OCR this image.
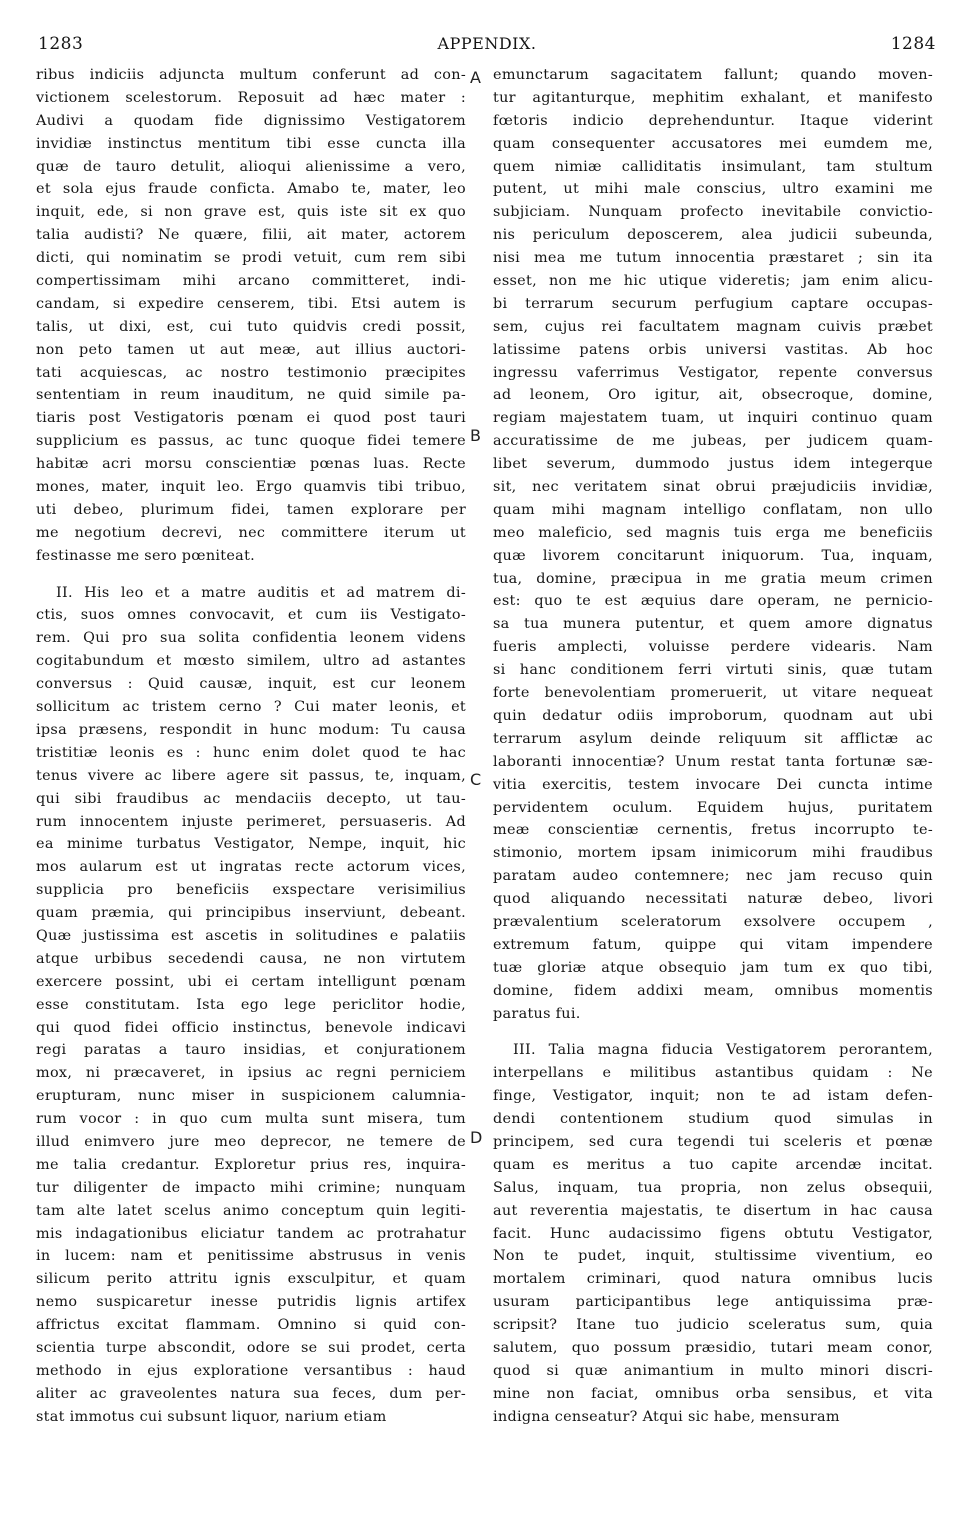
1283	APPENDIX.	1284
A
B
C
D
ribus indiciis adjuncta multum conferunt ad con-
victionem scelestorum. Reposuit ad hæc mater :
Audivi a quodam fide dignissimo Vestigatorem
invidiæ instinctus mentitum tibi esse cuncta illa
quæ de tauro detulit, alioqui alienissime a vero,
et sola ejus fraude conficta. Amabo te, mater, leo
inquit, ede, si non grave est, quis iste sit ex quo
talia audisti? Ne quære, filii, ait mater, actorem
dicti, qui nominatim se prodi vetuit, cum rem sibi
compertissimam mihi arcano committeret, indi-
candam, si expedire censerem, tibi. Etsi autem is
talis, ut dixi, est, cui tuto quidvis credi possit,
non peto tamen ut aut meæ, aut illius auctori-
tati acquiescas, ac nostro testimonio præcipites
sententiam in reum inauditum, ne quid simile pa-
tiaris post Vestigatoris pœnam ei quod post tauri
supplicium es passus, ac tunc quoque fidei temere
habitæ acri morsu conscientiæ pœnas luas. Recte
mones, mater, inquit leo. Ergo quamvis tibi tribuo,
uti debeo, plurimum fidei, tamen explorare per
me negotium decrevi, nec committere iterum ut
festinasse me sero pœniteat.
II. His leo et a matre auditis et ad matrem di-
ctis, suos omnes convocavit, et cum iis Vestigato-
rem. Qui pro sua solita confidentia leonem videns
cogitabundum et mœsto similem, ultro ad astantes
conversus : Quid causæ, inquit, est cur leonem
sollicitum ac tristem cerno ? Cui mater leonis, et
ipsa præsens, respondit in hunc modum: Tu causa
tristitiæ leonis es : hunc enim dolet quod te hac
tenus vivere ac libere agere sit passus, te, inquam,
qui sibi fraudibus ac mendaciis decepto, ut tau-
rum innocentem injuste perimeret, persuaseris. Ad
ea minime turbatus Vestigator, Nempe, inquit, hic
mos aularum est ut ingratas recte actorum vices,
supplicia pro beneficiis exspectare verisimilius
quam præmia, qui principibus inserviunt, debeant.
Quæ justissima est ascetis in solitudines e palatiis
atque urbibus secedendi causa, ne non virtutem
exercere possint, ubi ei certam intelligunt pœnam
esse constitutam. Ista ego lege periclitor hodie,
qui quod fidei officio instinctus, benevole indicavi
regi paratas a tauro insidias, et conjurationem
mox, ni præcaveret, in ipsius ac regni perniciem
erupturam, nunc miser in suspicionem calumnia-
rum vocor : in quo cum multa sunt misera, tum
illud enimvero jure meo deprecor, ne temere de
me talia credantur. Exploretur prius res, inquira-
tur diligenter de impacto mihi crimine; nunquam
tam alte latet scelus animo conceptum quin legiti-
mis indagationibus eliciatur tandem ac protrahatur
in lucem: nam et penitissime abstrusus in venis
silicum perito attritu ignis exsculpitur, et quam
nemo suspicaretur inesse putridis lignis artifex
affrictus excitat flammam. Omnino si quid con-
scientia turpe abscondit, odore se sui prodet, certa
methodo in ejus exploratione versantibus : haud
aliter ac graveolentes natura sua feces, dum per-
stat immotus cui subsunt liquor, narium etiam
emunctarum sagacitatem fallunt; quando moven-
tur agitanturque, mephitim exhalant, et manifesto
fœtoris indicio deprehenduntur. Itaque viderint
quam consequenter accusatores mei eumdem me,
quem nimiæ calliditatis insimulant, tam stultum
putent, ut mihi male conscius, ultro examini me
subjiciam. Nunquam profecto inevitabile convictio-
nis periculum deposcerem, alea judicii subeunda,
nisi mea me tutum innocentia præstaret ; sin ita
esset, non me hic utique videretis; jam enim alicu-
bi terrarum securum perfugium captare occupas-
sem, cujus rei facultatem magnam cuivis præbet
latissime patens orbis universi vastitas. Ab hoc
ingressu vaferrimus Vestigator, repente conversus
ad leonem, Oro igitur, ait, obsecroque, domine,
regiam majestatem tuam, ut inquiri continuo quam
accuratissime de me jubeas, per judicem quam-
libet severum, dummodo justus idem integerque
sit, nec veritatem sinat obrui præjudiciis invidiæ,
quam mihi magnam intelligo conflatam, non ullo
meo maleficio, sed magnis tuis erga me beneficiis
quæ livorem concitarunt iniquorum. Tua, inquam,
tua, domine, præcipua in me gratia meum crimen
est: quo te est æquius dare operam, ne pernicio-
sa tua munera putentur, et quem amore dignatus
fueris amplecti, voluisse perdere videaris. Nam
si hanc conditionem ferri virtuti sinis, quæ tutam
forte benevolentiam promeruerit, ut vitare nequeat
quin dedatur odiis improborum, quodnam aut ubi
terrarum asylum deinde reliquum sit afflictæ ac
laboranti innocentiæ? Unum restat tanta fortunæ sæ-
vitia exercitis, testem invocare Dei cuncta intime
pervidentem oculum. Equidem hujus, puritatem
meæ conscientiæ cernentis, fretus incorrupto te-
stimonio, mortem ipsam inimicorum mihi fraudibus
paratam audeo contemnere; nec jam recuso quin
quod aliquando necessitati naturæ debeo, livori
prævalentium sceleratorum exsolvere occupem ,
extremum fatum, quippe qui vitam impendere
tuæ gloriæ atque obsequio jam tum ex quo tibi,
domine, fidem addixi meam, omnibus momentis
paratus fui.
III. Talia magna fiducia Vestigatorem perorantem,
interpellans e militibus astantibus quidam : Ne
finge, Vestigator, inquit; non te ad istam defen-
dendi contentionem studium quod simulas in
principem, sed cura tegendi tui sceleris et pœnæ
quam es meritus a tuo capite arcendæ incitat.
Salus, inquam, tua propria, non zelus obsequii,
aut reverentia majestatis, te disertum in hac causa
facit. Hunc audacissimo figens obtutu Vestigator,
Non te pudet, inquit, stultissime viventium, eo
mortalem criminari, quod natura omnibus lucis
usuram participantibus lege antiquissima præ-
scripsit? Itane tuo judicio sceleratus sum, quia
salutem, quo possum præsidio, tutari meam conor,
quod si quæ animantium in multo minori discri-
mine non faciat, omnibus orba sensibus, et vita
indigna censeatur? Atqui sic habe, mensuram
